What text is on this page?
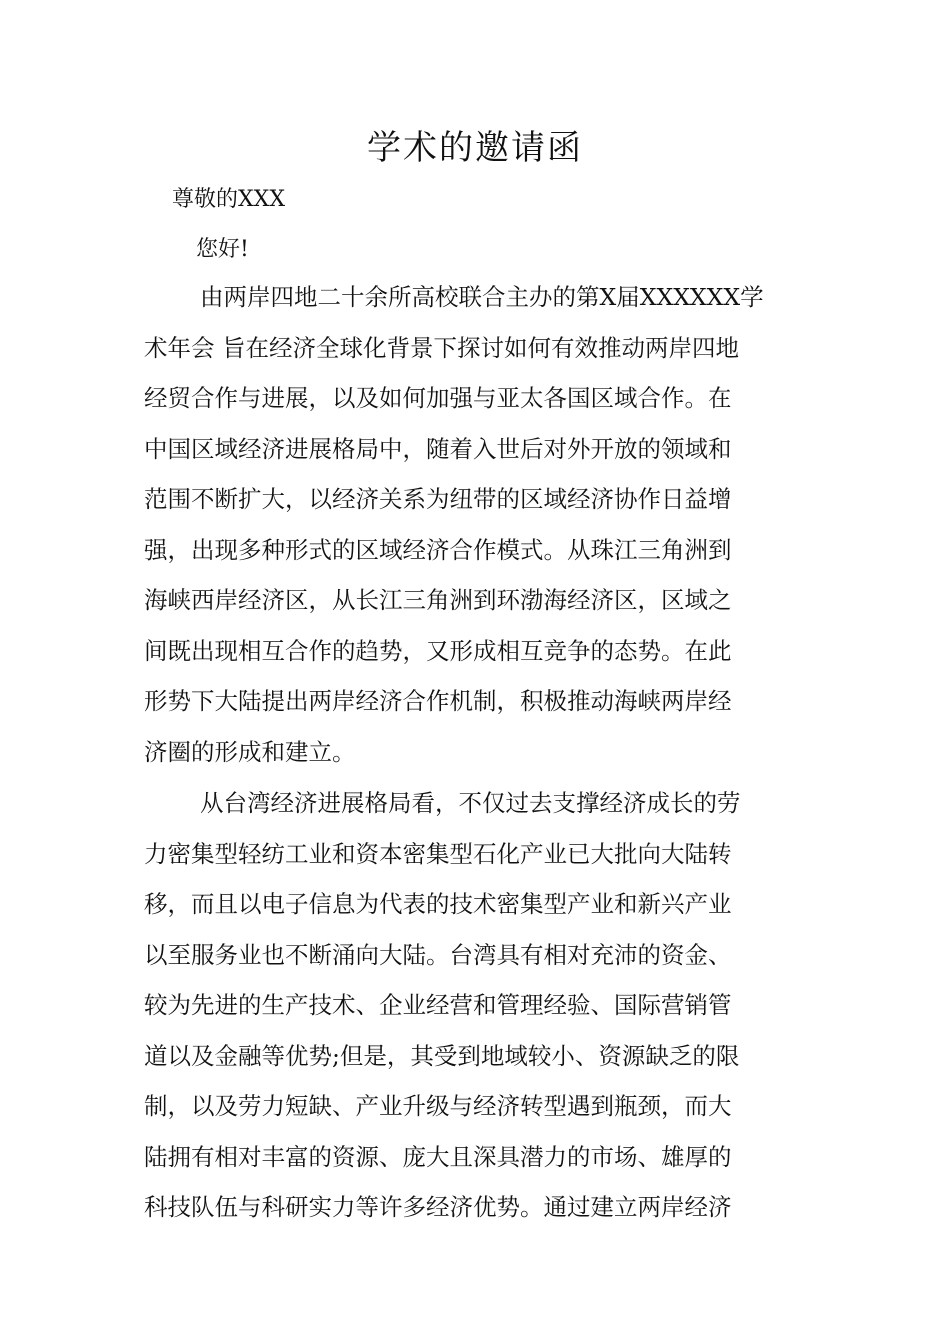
学术的邀请函

尊敬的XXX

您好!

由两岸四地二十余所高校联合主办的第X届XXXXXX学
术年会 旨在经济全球化背景下探讨如何有效推动两岸四地
经贸合作与进展，以及如何加强与亚太各国区域合作。在
中国区域经济进展格局中，随着入世后对外开放的领域和
范围不断扩大，以经济关系为纽带的区域经济协作日益增
强，出现多种形式的区域经济合作模式。从珠江三角洲到
海峡西岸经济区，从长江三角洲到环渤海经济区，区域之
间既出现相互合作的趋势，又形成相互竞争的态势。在此
形势下大陆提出两岸经济合作机制，积极推动海峡两岸经
济圈的形成和建立。
从台湾经济进展格局看，不仅过去支撑经济成长的劳
力密集型轻纺工业和资本密集型石化产业已大批向大陆转
移，而且以电子信息为代表的技术密集型产业和新兴产业
以至服务业也不断涌向大陆。台湾具有相对充沛的资金、
较为先进的生产技术、企业经营和管理经验、国际营销管
道以及金融等优势;但是，其受到地域较小、资源缺乏的限
制，以及劳力短缺、产业升级与经济转型遇到瓶颈，而大
陆拥有相对丰富的资源、庞大且深具潜力的市场、雄厚的
科技队伍与科研实力等许多经济优势。通过建立两岸经济
